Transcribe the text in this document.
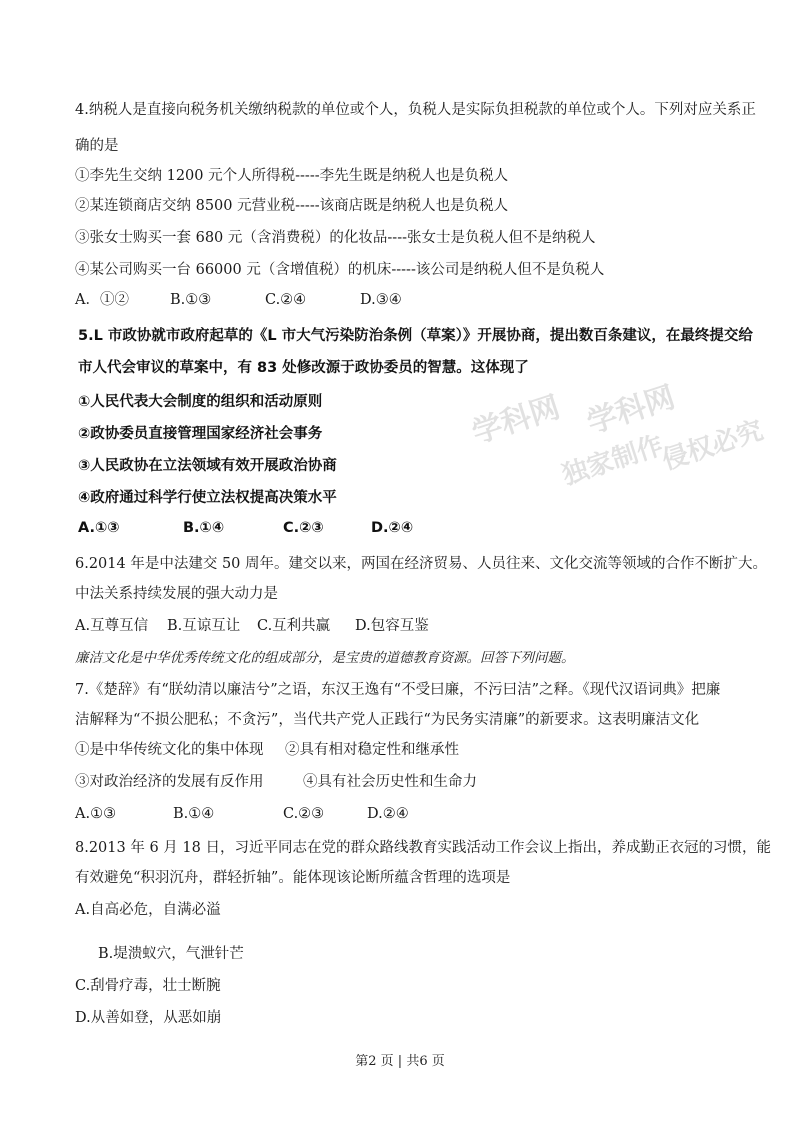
学科网 学科网
独家制作
侵权必究
4.纳税人是直接向税务机关缴纳税款的单位或个人，负税人是实际负担税款的单位或个人。下列对应关系正
确的是
①李先生交纳 1200 元个人所得税-----李先生既是纳税人也是负税人
②某连锁商店交纳 8500 元营业税-----该商店既是纳税人也是负税人
③张女士购买一套 680 元（含消费税）的化妆品----张女士是负税人但不是纳税人
④某公司购买一台 66000 元（含增值税）的机床-----该公司是纳税人但不是负税人
A．①②	B.①③	C.②④	D.③④
5.L 市政协就市政府起草的《L 市大气污染防治条例（草案）》开展协商，提出数百条建议，在最终提交给
市人代会审议的草案中，有 83 处修改源于政协委员的智慧。这体现了
①人民代表大会制度的组织和活动原则
②政协委员直接管理国家经济社会事务
③人民政协在立法领域有效开展政治协商
④政府通过科学行使立法权提高决策水平
A.①③	B.①④	C.②③	D.②④
6.2014 年是中法建交 50 周年。建交以来，两国在经济贸易、人员往来、文化交流等领域的合作不断扩大。
中法关系持续发展的强大动力是
A.互尊互信 B.互谅互让 C.互利共赢 D.包容互鉴
廉洁文化是中华优秀传统文化的组成部分，是宝贵的道德教育资源。回答下列问题。
7.《楚辞》有“朕幼清以廉洁兮”之语，东汉王逸有“不受曰廉，不污曰洁”之释。《现代汉语词典》把廉
洁解释为“不损公肥私；不贪污”，当代共产党人正践行“为民务实清廉”的新要求。这表明廉洁文化
①是中华传统文化的集中体现 ②具有相对稳定性和继承性
③对政治经济的发展有反作用	④具有社会历史性和生命力
A.①③	B.①④	C.②③	D.②④
8.2013 年 6 月 18 日，习近平同志在党的群众路线教育实践活动工作会议上指出，养成勤正衣冠的习惯，能
有效避免“积羽沉舟，群轻折轴”。能体现该论断所蕴含哲理的选项是
A.自高必危，自满必溢
B.堤溃蚁穴，气泄针芒
C.刮骨疗毒，壮士断腕
D.从善如登，从恶如崩
第2 页 | 共6 页
